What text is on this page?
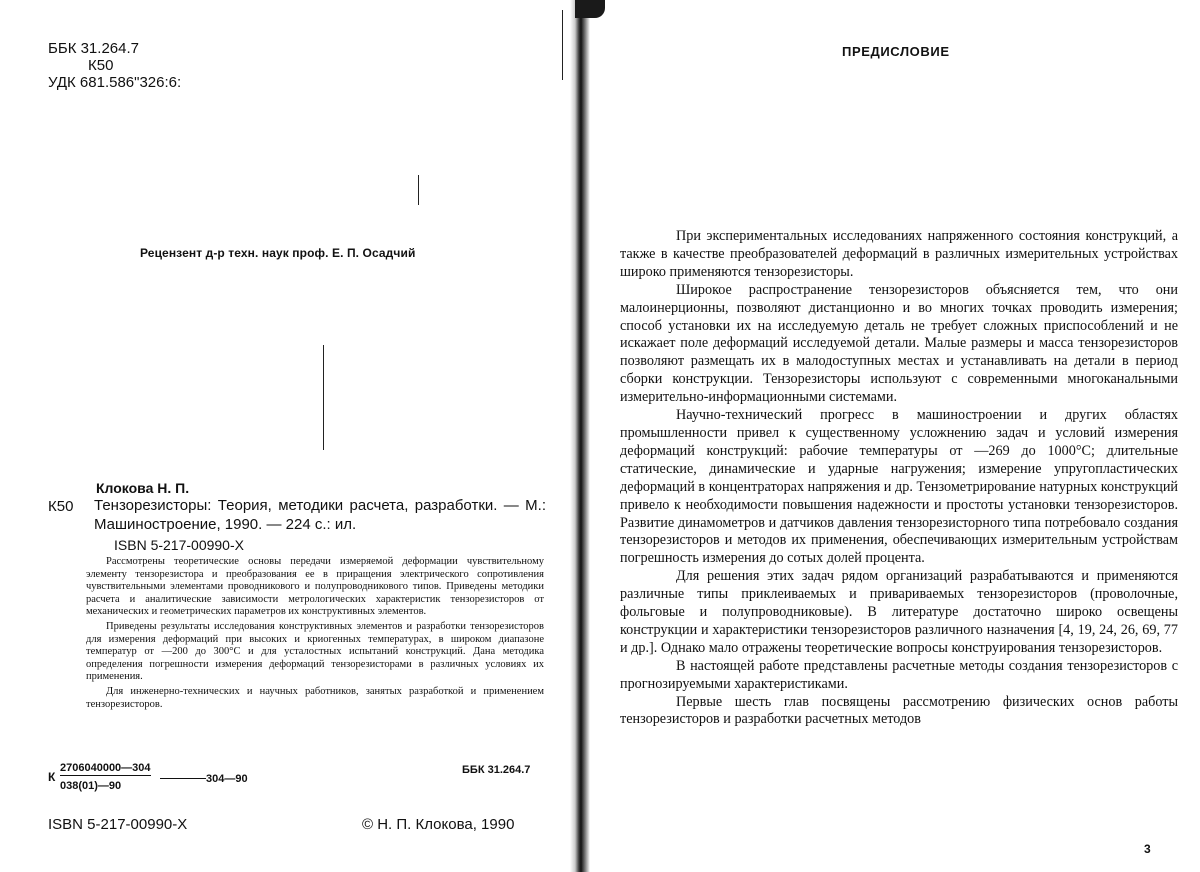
ББК 31.264.7
К50
УДК 681.586"326:6:
Рецензент д-р техн. наук проф. Е. П. Осадчий
Клокова Н. П.
К50 Тензорезисторы: Теория, методики расчета, разработки. — М.: Машиностроение, 1990. — 224 с.: ил.
ISBN 5-217-00990-X

Рассмотрены теоретические основы передачи измеряемой деформации чувствительному элементу тензорезистора и преобразования ее в приращения электрического сопротивления чувствительными элементами проводникового и полупроводникового типов. Приведены методики расчета и аналитические зависимости метрологических характеристик тензорезисторов от механических и геометрических параметров их конструктивных элементов.

Приведены результаты исследования конструктивных элементов и разработки тензорезисторов для измерения деформаций при высоких и криогенных температурах, в широком диапазоне температур от —200 до 300°С и для усталостных испытаний конструкций. Дана методика определения погрешности измерения деформаций тензорезисторами в различных условиях их применения.

Для инженерно-технических и научных работников, занятых разработкой и применением тензорезисторов.

К
2706040000—304
038(01)—90
304—90
ББК 31.264.7
ISBN 5-217-00990-X	© Н. П. Клокова, 1990
ПРЕДИСЛОВИЕ

При экспериментальных исследованиях напряженного состояния конструкций, а также в качестве преобразователей деформаций в различных измерительных устройствах широко применяются тензорезисторы.

Широкое распространение тензорезисторов объясняется тем, что они малоинерционны, позволяют дистанционно и во многих точках проводить измерения; способ установки их на исследуемую деталь не требует сложных приспособлений и не искажает поле деформаций исследуемой детали. Малые размеры и масса тензорезисторов позволяют размещать их в малодоступных местах и устанавливать на детали в период сборки конструкции. Тензорезисторы используют с современными многоканальными измерительно-информационными системами.

Научно-технический прогресс в машиностроении и других областях промышленности привел к существенному усложнению задач и условий измерения деформаций конструкций: рабочие температуры от —269 до 1000°С; длительные статические, динамические и ударные нагружения; измерение упругопластических деформаций в концентраторах напряжения и др. Тензометрирование натурных конструкций привело к необходимости повышения надежности и простоты установки тензорезисторов. Развитие динамометров и датчиков давления тензорезисторного типа потребовало создания тензорезисторов и методов их применения, обеспечивающих измерительным устройствам погрешность измерения до сотых долей процента.

Для решения этих задач рядом организаций разрабатываются и применяются различные типы приклеиваемых и привариваемых тензорезисторов (проволочные, фольговые и полупроводниковые). В литературе достаточно широко освещены конструкции и характеристики тензорезисторов различного назначения [4, 19, 24, 26, 69, 77 и др.]. Однако мало отражены теоретические вопросы конструирования тензорезисторов.

В настоящей работе представлены расчетные методы создания тензорезисторов с прогнозируемыми характеристиками.

Первые шесть глав посвящены рассмотрению физических основ работы тензорезисторов и разработки расчетных методов

3
